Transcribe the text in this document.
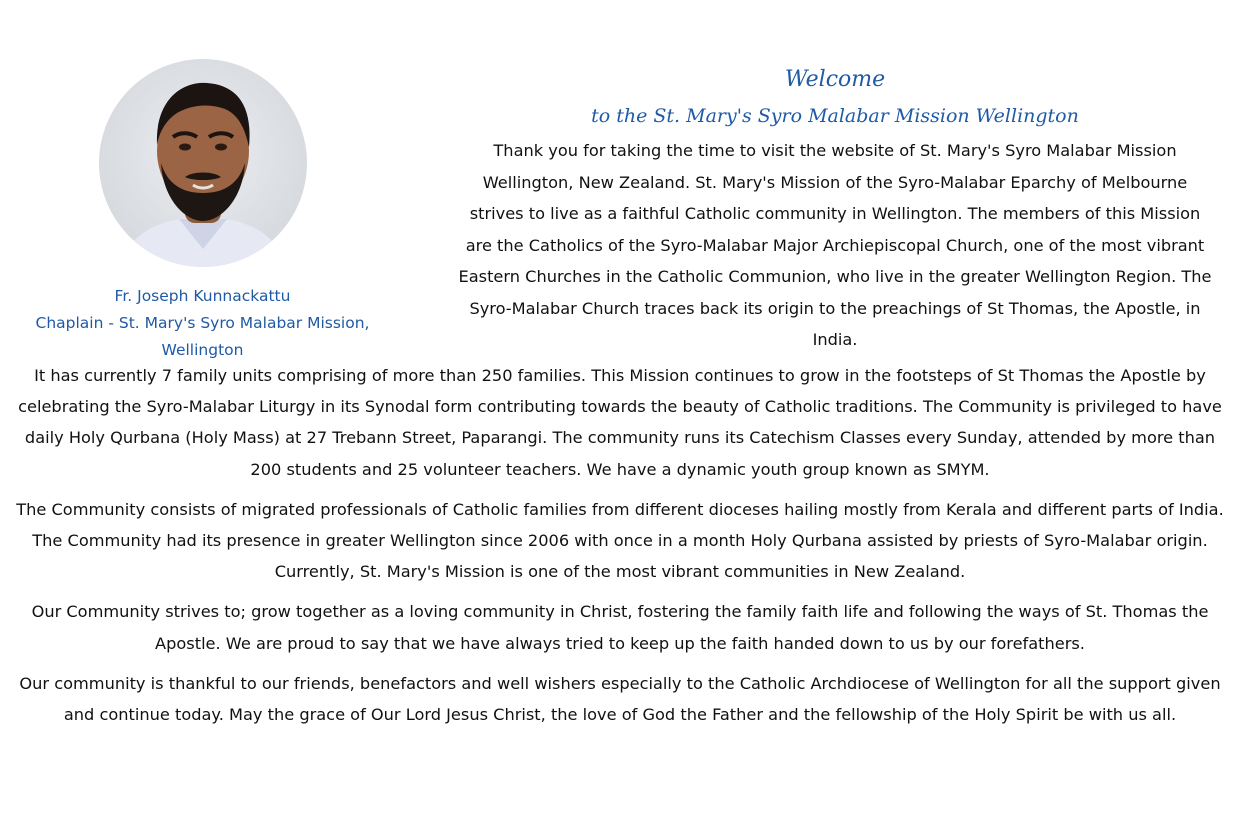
Fr. Joseph Kunnackattu
Chaplain - St. Mary's Syro Malabar Mission, Wellington
Welcome
to the St. Mary's Syro Malabar Mission Wellington

Thank you for taking the time to visit the website of St. Mary's Syro Malabar Mission Wellington, New Zealand. St. Mary's Mission of the Syro-Malabar Eparchy of Melbourne strives to live as a faithful Catholic community in Wellington. The members of this Mission are the Catholics of the Syro-Malabar Major Archiepiscopal Church, one of the most vibrant Eastern Churches in the Catholic Communion, who live in the greater Wellington Region. The Syro-Malabar Church traces back its origin to the preachings of St Thomas, the Apostle, in India.

It has currently 7 family units comprising of more than 250 families. This Mission continues to grow in the footsteps of St Thomas the Apostle by celebrating the Syro-Malabar Liturgy in its Synodal form contributing towards the beauty of Catholic traditions. The Community is privileged to have daily Holy Qurbana (Holy Mass) at 27 Trebann Street, Paparangi. The community runs its Catechism Classes every Sunday, attended by more than 200 students and 25 volunteer teachers. We have a dynamic youth group known as SMYM.

The Community consists of migrated professionals of Catholic families from different dioceses hailing mostly from Kerala and different parts of India. The Community had its presence in greater Wellington since 2006 with once in a month Holy Qurbana assisted by priests of Syro-Malabar origin. Currently, St. Mary's Mission is one of the most vibrant communities in New Zealand.

Our Community strives to; grow together as a loving community in Christ, fostering the family faith life and following the ways of St. Thomas the Apostle. We are proud to say that we have always tried to keep up the faith handed down to us by our forefathers.

Our community is thankful to our friends, benefactors and well wishers especially to the Catholic Archdiocese of Wellington for all the support given and continue today. May the grace of Our Lord Jesus Christ, the love of God the Father and the fellowship of the Holy Spirit be with us all.
